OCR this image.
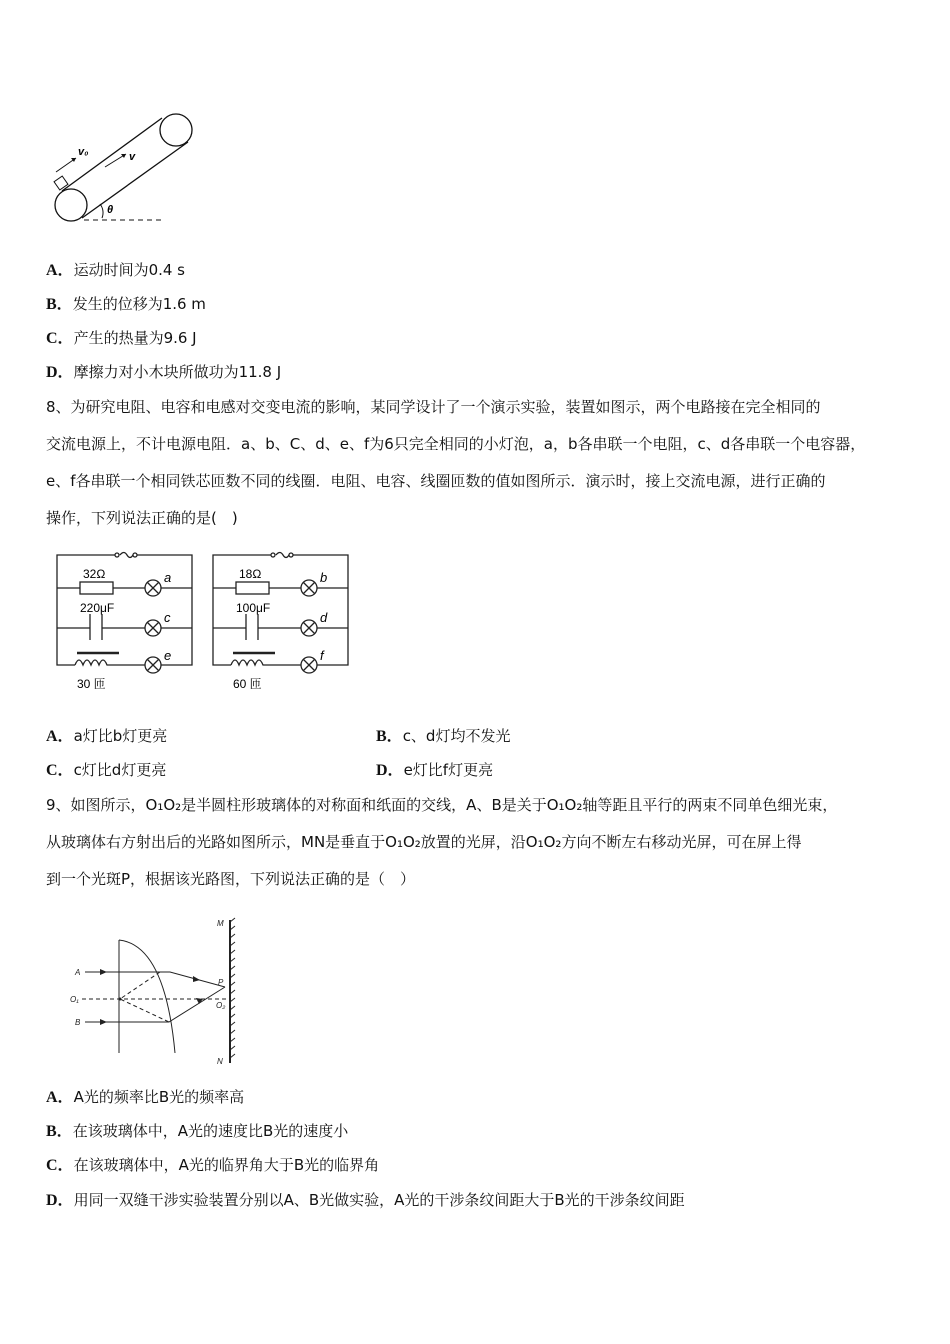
v₀	v
θ
A．运动时间为0.4 s
B．发生的位移为1.6 m
C．产生的热量为9.6 J
D．摩擦力对小木块所做功为11.8 J
8、为研究电阻、电容和电感对交变电流的影响，某同学设计了一个演示实验，装置如图示，两个电路接在完全相同的
交流电源上，不计电源电阻．a、b、C、d、e、f为6只完全相同的小灯泡，a，b各串联一个电阻，c、d各串联一个电容器，
e、f各串联一个相同铁芯匝数不同的线圈．电阻、电容、线圈匝数的值如图所示．演示时，接上交流电源，进行正确的
操作，下列说法正确的是(　)
32Ω
220μF
30 匝
a
c
e
18Ω
100μF
60 匝
b
d
f
A．a灯比b灯更亮	B．c、d灯均不发光
C．c灯比d灯更亮	D．e灯比f灯更亮
9、如图所示，O₁O₂是半圆柱形玻璃体的对称面和纸面的交线，A、B是关于O₁O₂轴等距且平行的两束不同单色细光束，
从玻璃体右方射出后的光路如图所示，MN是垂直于O₁O₂放置的光屏，沿O₁O₂方向不断左右移动光屏，可在屏上得
到一个光斑P，根据该光路图，下列说法正确的是（　）
A
B
O₁
O₂
P
M
N
A．A光的频率比B光的频率高
B．在该玻璃体中，A光的速度比B光的速度小
C．在该玻璃体中，A光的临界角大于B光的临界角
D．用同一双缝干涉实验装置分别以A、B光做实验，A光的干涉条纹间距大于B光的干涉条纹间距
